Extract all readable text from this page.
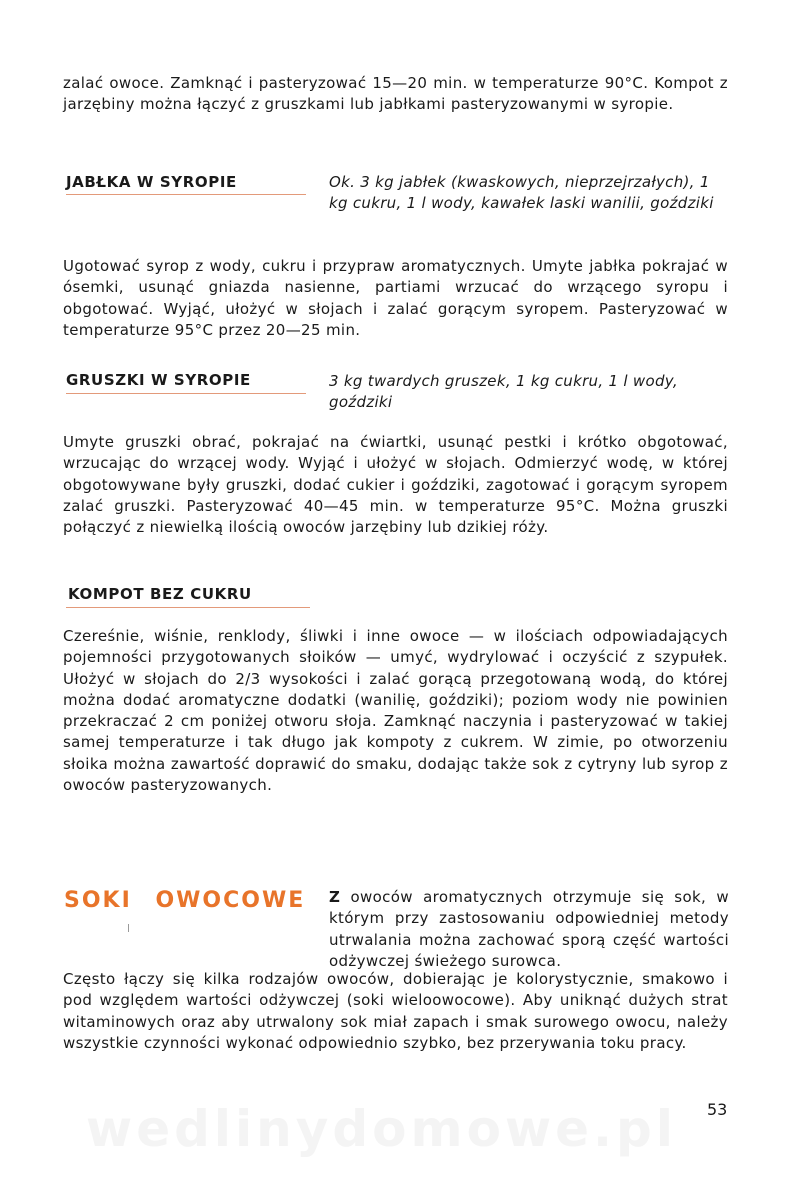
zalać owoce. Zamknąć i pasteryzować 15—20 min. w temperaturze 90°C. Kompot z jarzębiny można łączyć z gruszkami lub jabłkami pasteryzowanymi w syropie.

JABŁKA W SYROPIE	Ok. 3 kg jabłek (kwaskowych, nieprzejrzałych), 1 kg cukru, 1 l wody, kawałek laski wanilii, goździki

Ugotować syrop z wody, cukru i przypraw aromatycznych. Umyte jabłka pokrajać w ósemki, usunąć gniazda nasienne, partiami wrzucać do wrzącego syropu i obgotować. Wyjąć, ułożyć w słojach i zalać gorącym syropem. Pasteryzować w temperaturze 95°C przez 20—25 min.

GRUSZKI W SYROPIE	3 kg twardych gruszek, 1 kg cukru, 1 l wody, goździki

Umyte gruszki obrać, pokrajać na ćwiartki, usunąć pestki i krótko obgotować, wrzucając do wrzącej wody. Wyjąć i ułożyć w słojach. Odmierzyć wodę, w której obgotowywane były gruszki, dodać cukier i goździki, zagotować i gorącym syropem zalać gruszki. Pasteryzować 40—45 min. w temperaturze 95°C. Można gruszki połączyć z niewielką ilością owoców jarzębiny lub dzikiej róży.

KOMPOT BEZ CUKRU

Czereśnie, wiśnie, renklody, śliwki i inne owoce — w ilościach odpowiadających pojemności przygotowanych słoików — umyć, wydrylować i oczyścić z szypułek. Ułożyć w słojach do 2/3 wysokości i zalać gorącą przegotowaną wodą, do której można dodać aromatyczne dodatki (wanilię, goździki); poziom wody nie powinien przekraczać 2 cm poniżej otworu słoja. Zamknąć naczynia i pasteryzować w takiej samej temperaturze i tak długo jak kompoty z cukrem. W zimie, po otworzeniu słoika można zawartość doprawić do smaku, dodając także sok z cytryny lub syrop z owoców pasteryzowanych.

SOKI OWOCOWE Z owoców aromatycznych otrzymuje się sok, w którym przy zastosowaniu odpowiedniej metody utrwalania można zachować sporą część wartości odżywczej świeżego surowca.

Często łączy się kilka rodzajów owoców, dobierając je kolorystycznie, smakowo i pod względem wartości odżywczej (soki wieloowocowe). Aby uniknąć dużych strat witaminowych oraz aby utrwalony sok miał zapach i smak surowego owocu, należy wszystkie czynności wykonać odpowiednio szybko, bez przerywania toku pracy.

wedlinydomowe.pl 53
